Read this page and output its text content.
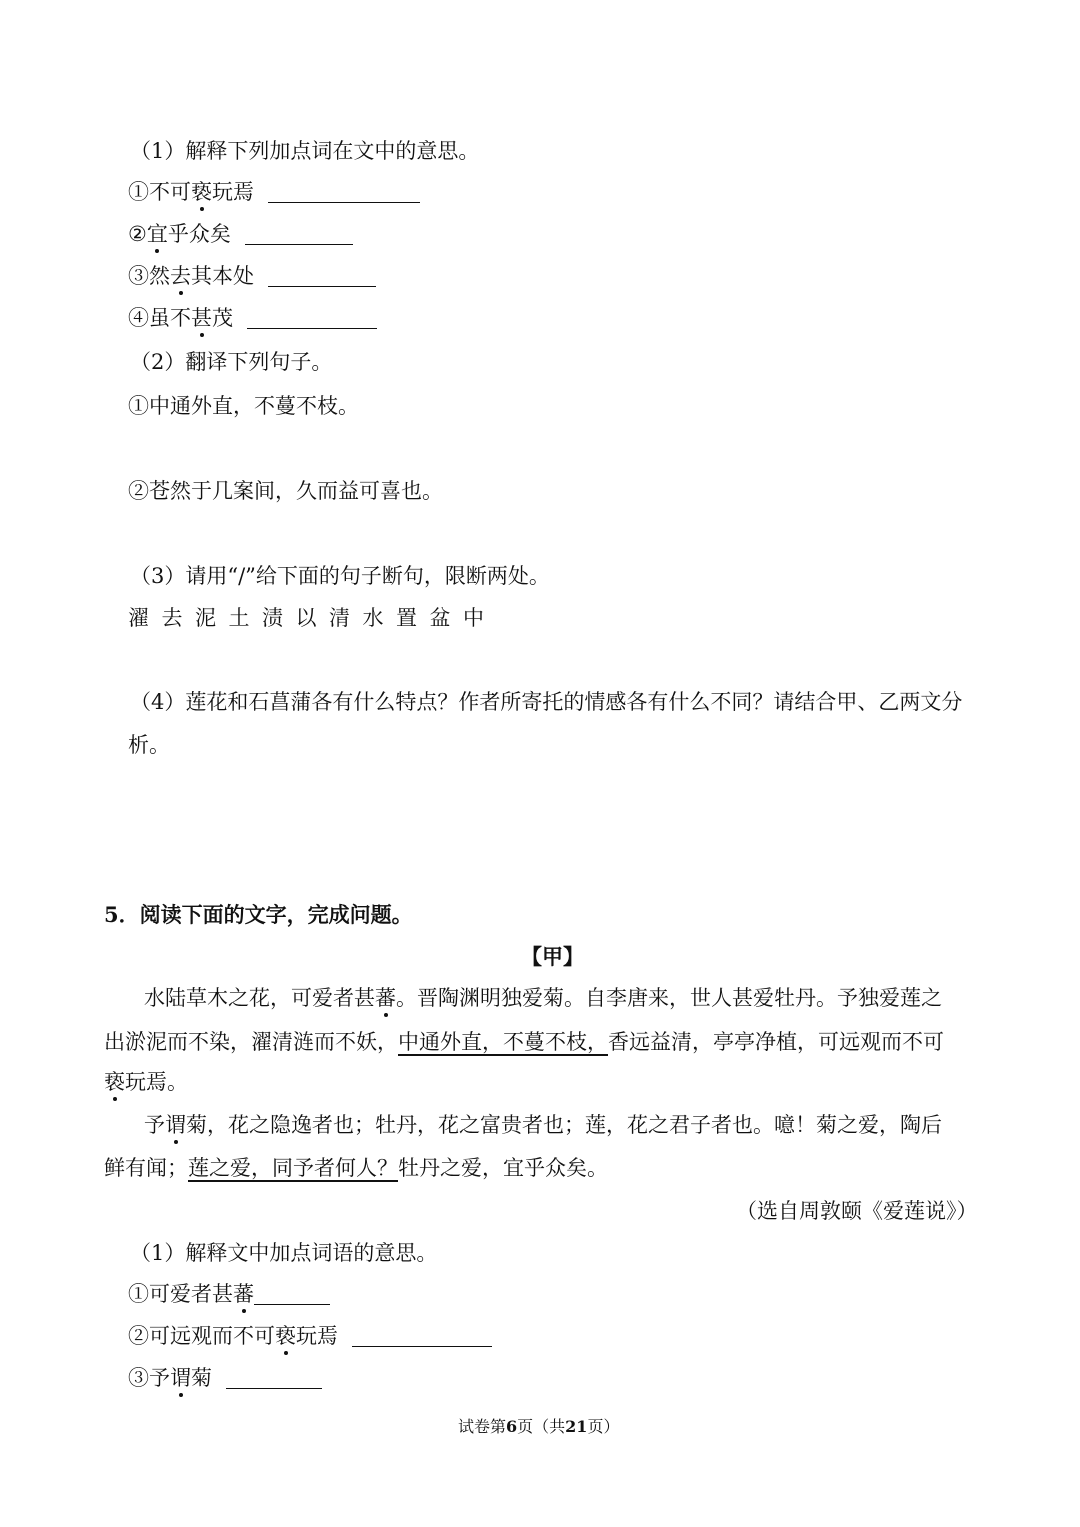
（1）解释下列加点词在文中的意思。
①不可亵玩焉
②宜乎众矣
③然去其本处
④虽不甚茂
（2）翻译下列句子。
①中通外直，不蔓不枝。
②苍然于几案间，久而益可喜也。
（3）请用“/”给下面的句子断句，限断两处。
濯 去 泥 土 渍 以 清 水 置 盆 中
（4）莲花和石菖蒲各有什么特点？作者所寄托的情感各有什么不同？请结合甲、乙两文分
析。
5．阅读下面的文字，完成问题。
【甲】
水陆草木之花，可爱者甚蕃。晋陶渊明独爱菊。自李唐来，世人甚爱牡丹。予独爱莲之
出淤泥而不染，濯清涟而不妖，中通外直，不蔓不枝，香远益清，亭亭净植，可远观而不可
亵玩焉。
予谓菊，花之隐逸者也；牡丹，花之富贵者也；莲，花之君子者也。噫！菊之爱，陶后
鲜有闻；莲之爱，同予者何人？牡丹之爱，宜乎众矣。
（选自周敦颐《爱莲说》）
（1）解释文中加点词语的意思。
①可爱者甚蕃
②可远观而不可亵玩焉
③予谓菊
试卷第6页（共21页）
